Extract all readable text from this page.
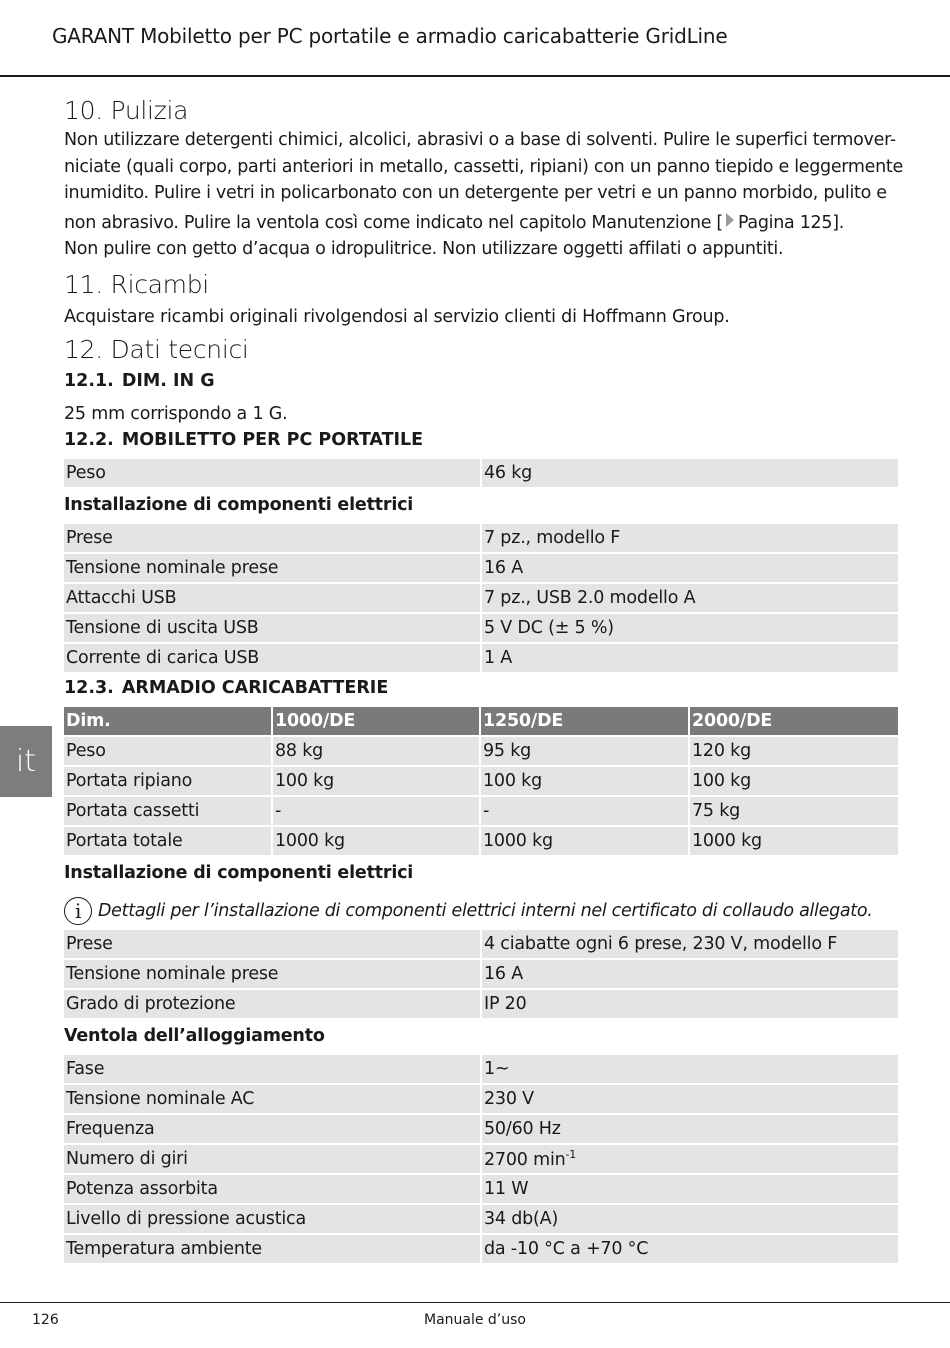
GARANT Mobiletto per PC portatile e armadio caricabatterie GridLine
it
10. Pulizia

Non utilizzare detergenti chimici, alcolici, abrasivi o a base di solventi. Pulire le superfici termover-

niciate (quali corpo, parti anteriori in metallo, cassetti, ripiani) con un panno tiepido e leggermente

inumidito. Pulire i vetri in policarbonato con un detergente per vetri e un panno morbido, pulito e

non abrasivo. Pulire la ventola così come indicato nel capitolo Manutenzione [ Pagina 125].

Non pulire con getto d’acqua o idropulitrice. Non utilizzare oggetti affilati o appuntiti.

11. Ricambi
Acquistare ricambi originali rivolgendosi al servizio clienti di Hoffmann Group.
12. Dati tecnici
12.1. DIM. IN G
25 mm corrispondo a 1 G.
12.2. MOBILETTO PER PC PORTATILE
Peso	46 kg
Installazione di componenti elettrici
Prese	7 pz., modello F
Tensione nominale prese	16 A
Attacchi USB	7 pz., USB 2.0 modello A
Tensione di uscita USB	5 V DC (± 5 %)
Corrente di carica USB	1 A
12.3. ARMADIO CARICABATTERIE
Dim.	1000/DE	1250/DE	2000/DE
Peso	88 kg	95 kg	120 kg
Portata ripiano	100 kg	100 kg	100 kg
Portata cassetti	-	-	75 kg
Portata totale	1000 kg	1000 kg	1000 kg
Installazione di componenti elettrici
i Dettagli per l’installazione di componenti elettrici interni nel certificato di collaudo allegato.
Prese	4 ciabatte ogni 6 prese, 230 V, modello F
Tensione nominale prese	16 A
Grado di protezione	IP 20
Ventola dell’alloggiamento
Fase	1~
Tensione nominale AC	230 V
Frequenza	50/60 Hz
Numero di giri	2700 $\min^{-1}$
Potenza assorbita	11 W
Livello di pressione acustica	34 db(A)
Temperatura ambiente	da -10 °C a +70 °C
126	Manuale d’uso
